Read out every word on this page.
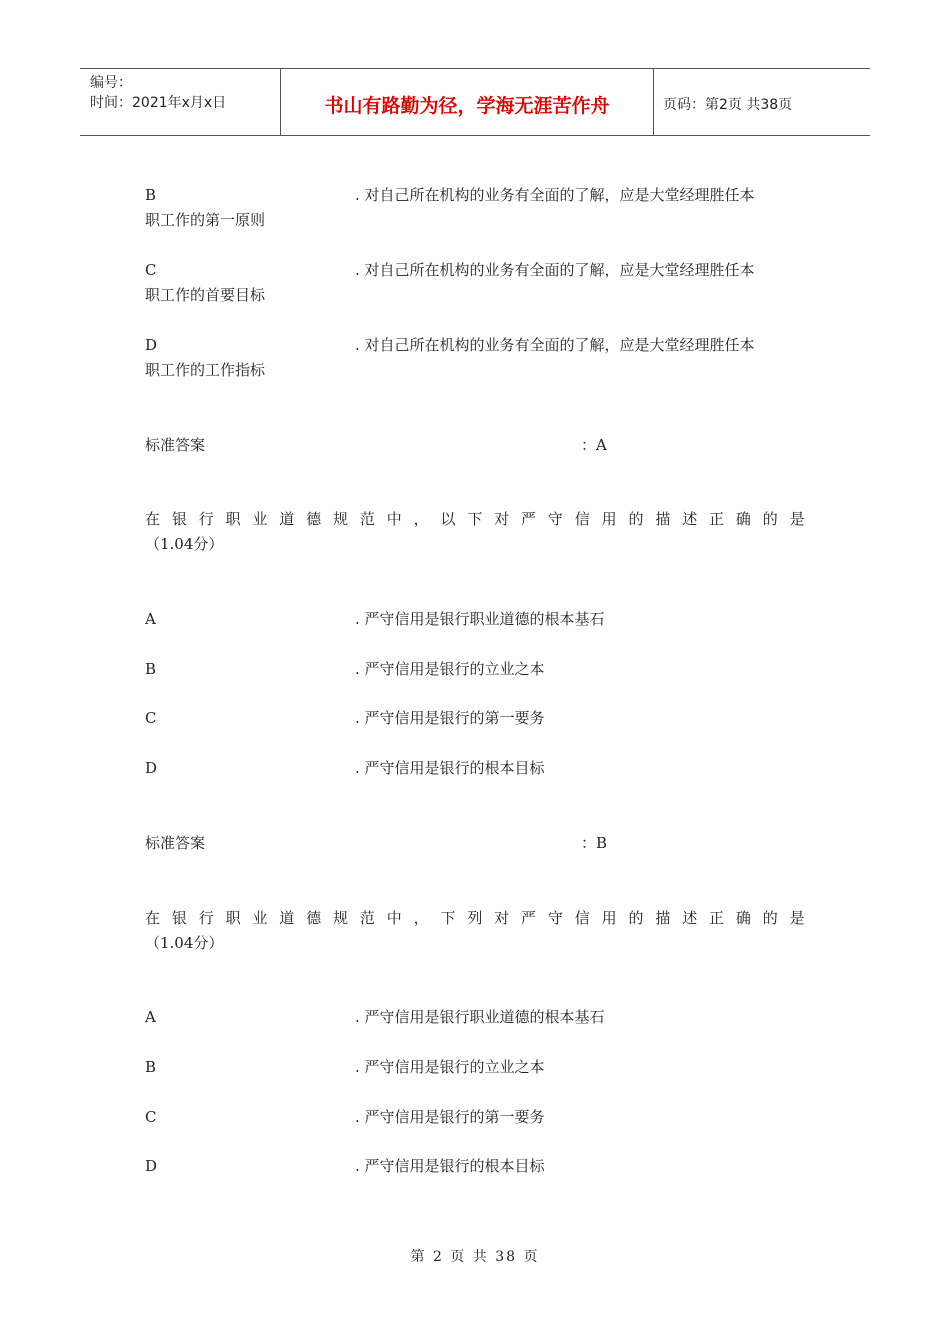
编号：
时间：2021年x月x日	书山有路勤为径，学海无涯苦作舟	页码：第2页 共38页
B	. 对自己所在机构的业务有全面的了解，应是大堂经理胜任本
职工作的第一原则
C	. 对自己所在机构的业务有全面的了解，应是大堂经理胜任本
职工作的首要目标
D	. 对自己所在机构的业务有全面的了解，应是大堂经理胜任本
职工作的工作指标
标准答案	：A
在 银 行 职 业 道 德 规 范 中 ， 以 下 对 严 守 信 用 的 描 述 正 确 的 是
（1.04分）
A	. 严守信用是银行职业道德的根本基石
B	. 严守信用是银行的立业之本
C	. 严守信用是银行的第一要务
D	. 严守信用是银行的根本目标
标准答案	：B
在 银 行 职 业 道 德 规 范 中 ， 下 列 对 严 守 信 用 的 描 述 正 确 的 是
（1.04分）
A	. 严守信用是银行职业道德的根本基石
B	. 严守信用是银行的立业之本
C	. 严守信用是银行的第一要务
D	. 严守信用是银行的根本目标
第 2 页 共 38 页
